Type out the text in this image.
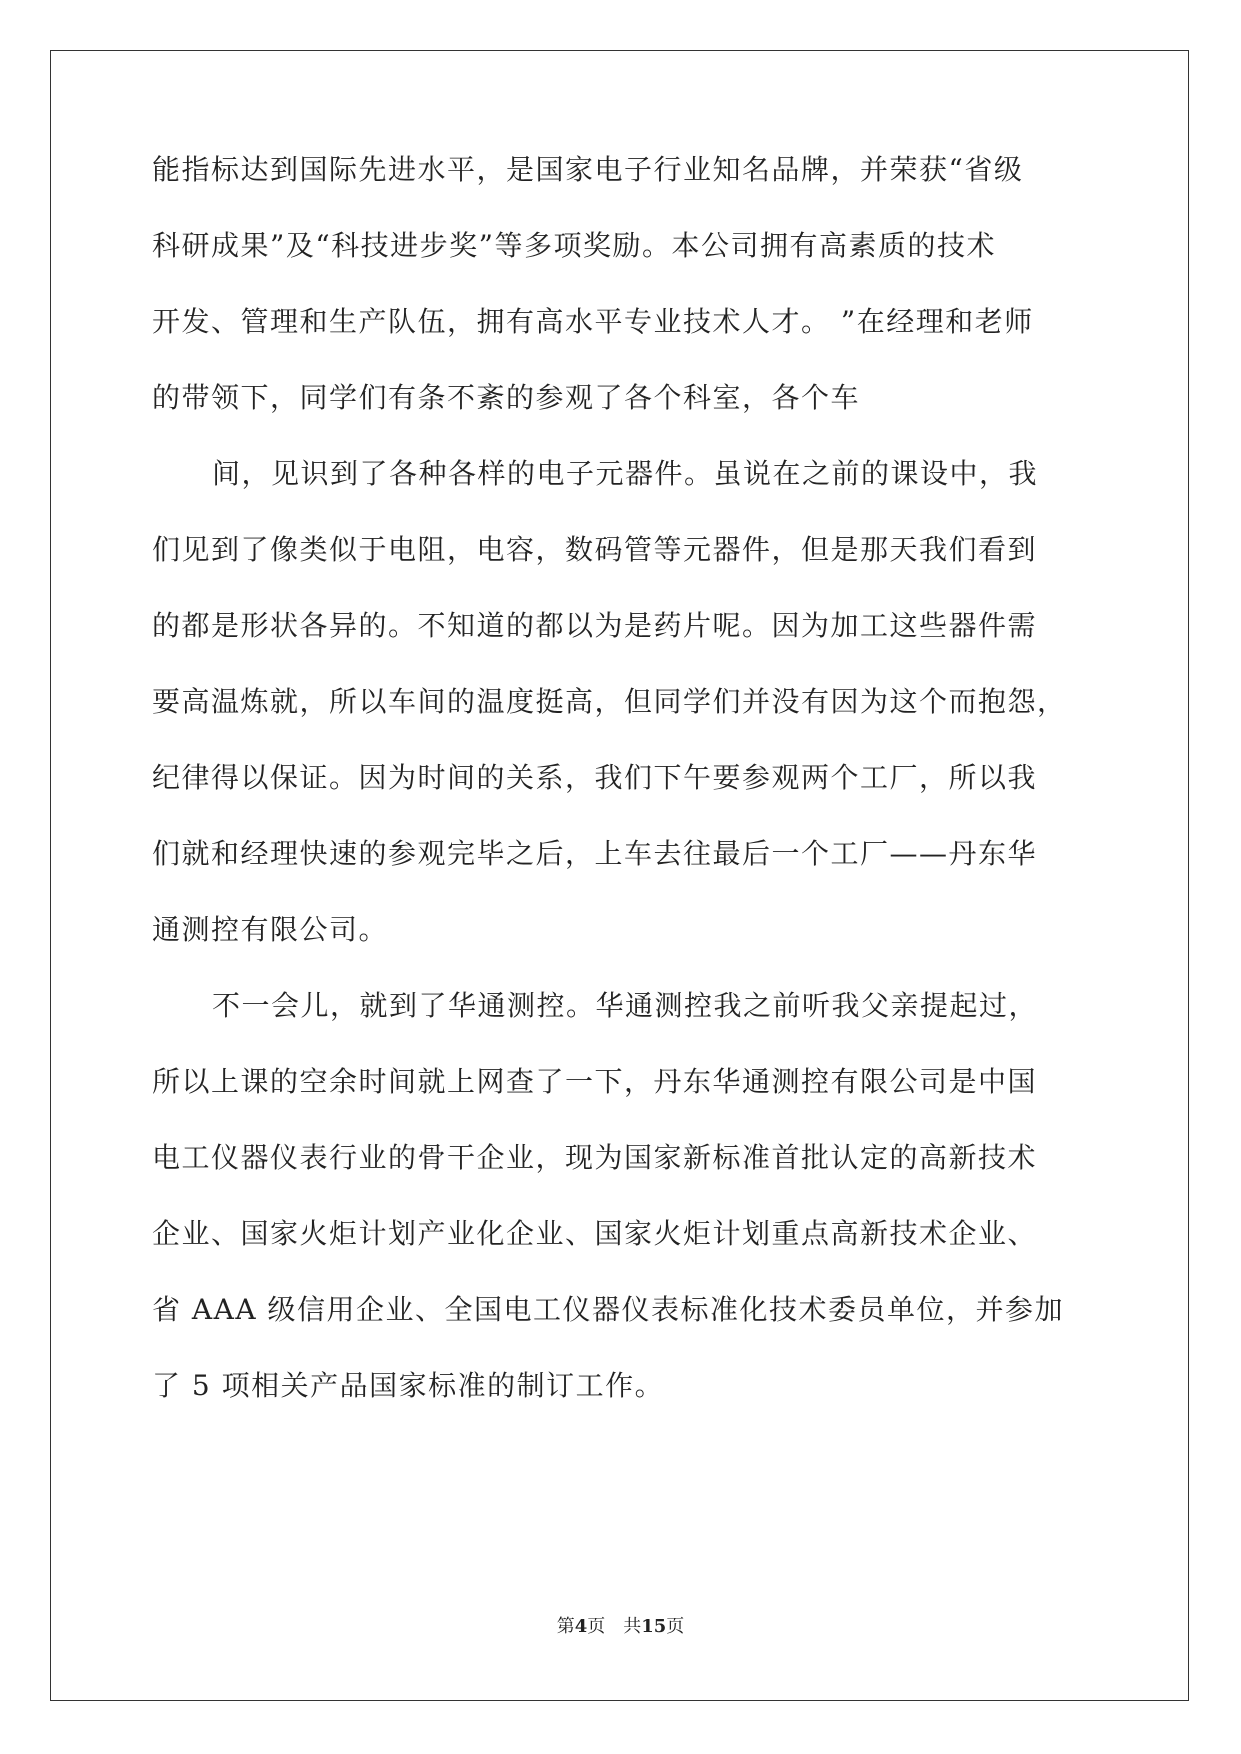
能指标达到国际先进水平，是国家电子行业知名品牌，并荣获“省级
科研成果”及“科技进步奖”等多项奖励。本公司拥有高素质的技术
开发、管理和生产队伍，拥有高水平专业技术人才。 ”在经理和老师
的带领下，同学们有条不紊的参观了各个科室，各个车
间，见识到了各种各样的电子元器件。虽说在之前的课设中，我
们见到了像类似于电阻，电容，数码管等元器件，但是那天我们看到
的都是形状各异的。不知道的都以为是药片呢。因为加工这些器件需
要高温炼就，所以车间的温度挺高，但同学们并没有因为这个而抱怨，
纪律得以保证。因为时间的关系，我们下午要参观两个工厂，所以我
们就和经理快速的参观完毕之后，上车去往最后一个工厂——丹东华
通测控有限公司。
不一会儿，就到了华通测控。华通测控我之前听我父亲提起过，
所以上课的空余时间就上网查了一下，丹东华通测控有限公司是中国
电工仪器仪表行业的骨干企业，现为国家新标准首批认定的高新技术
企业、国家火炬计划产业化企业、国家火炬计划重点高新技术企业、
省 AAA 级信用企业、全国电工仪器仪表标准化技术委员单位，并参加
了 5 项相关产品国家标准的制订工作。
第4页　共15页
